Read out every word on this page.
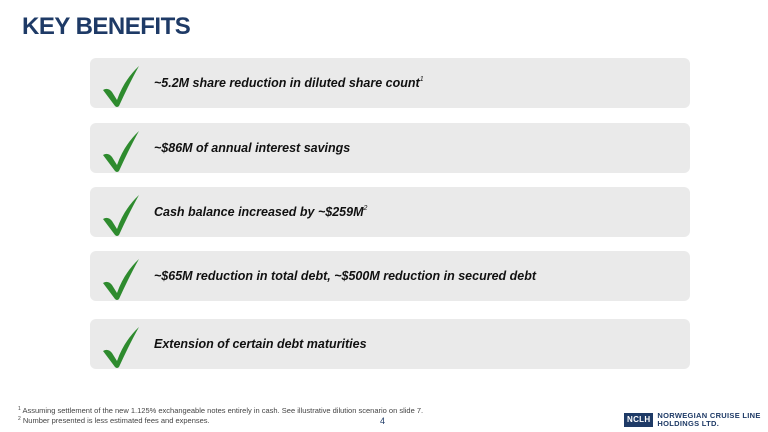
KEY BENEFITS
~5.2M share reduction in diluted share count$^1$
~$86M of annual interest savings
Cash balance increased by $\sim\$259M^2$
~$65M reduction in total debt, ~$500M reduction in secured debt
Extension of certain debt maturities
$^1$ Assuming settlement of the new 1.125% exchangeable notes entirely in cash. See illustrative dilution scenario on slide 7.
$^2$ Number presented is less estimated fees and expenses.	4	NCLH NORWEGIAN CRUISE LINE
HOLDINGS LTD.
